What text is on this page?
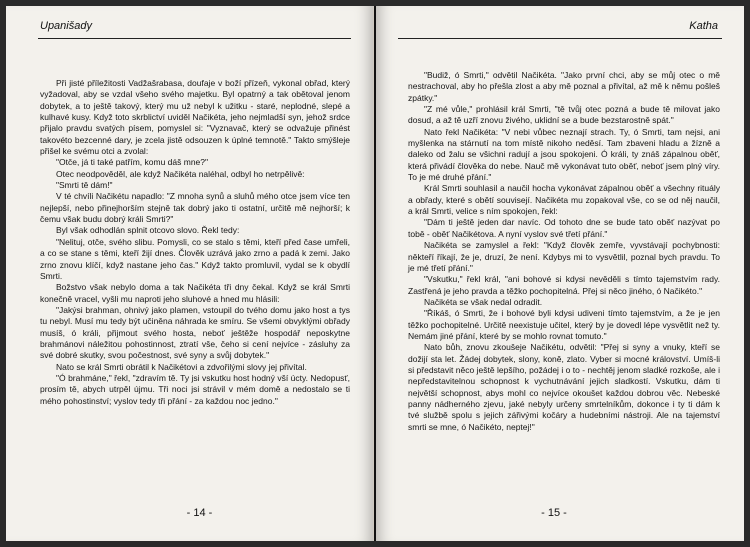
Upanišady

Při jisté příležitosti Vadžašrabasa, doufaje v boží přízeň, vykonal obřad, který vyžadoval, aby se vzdal všeho svého majetku. Byl opatrný a tak obětoval jenom dobytek, a to ještě takový, který mu už nebyl k užitku - staré, neplodné, slepé a kulhavé kusy. Když toto skrblictví uviděl Načikéta, jeho nejmladší syn, jehož srdce přijalo pravdu svatých písem, pomyslel si: "Vyznavač, který se odvažuje přinést takovéto bezcenné dary, je zcela jistě odsouzen k úplné temnotě." Takto smýšleje přišel ke svému otci a zvolal:

"Otče, já ti také patřím, komu dáš mne?"

Otec neodpověděl, ale když Načikéta naléhal, odbyl ho netrpělivě:

"Smrti tě dám!"

V té chvíli Načikétu napadlo: "Z mnoha synů a sluhů mého otce jsem více ten nejlepší, nebo přinejhorším stejně tak dobrý jako ti ostatní, určitě mě nejhorší; k čemu však budu dobrý králi Smrti?"

Byl však odhodlán splnit otcovo slovo. Řekl tedy:

"Nelituj, otče, svého slibu. Pomysli, co se stalo s těmi, kteří před čase umřeli, a co se stane s těmi, kteří žijí dnes. Člověk uzrává jako zrno a padá k zemi. Jako zrno znovu klíčí, když nastane jeho čas." Když takto promluvil, vydal se k obydlí Smrti.

Božstvo však nebylo doma a tak Načikéta tři dny čekal. Když se král Smrti konečně vracel, vyšli mu naproti jeho sluhové a hned mu hlásili:

"Jakýsi brahman, ohnivý jako plamen, vstoupil do tvého domu jako host a tys tu nebyl. Musí mu tedy být učiněna náhrada ke smíru. Se všemi obvyklými obřady musíš, ó králi, přijmout svého hosta, neboť ještěže hospodář neposkytne brahmánovi náležitou pohostinnost, ztratí vše, čeho si cení nejvíce - zásluhy za své dobré skutky, svou počestnost, své syny a svůj dobytek."

Nato se král Smrti obrátil k Načikétovi a zdvořilými slovy jej přivítal.

"Ó brahmáne," řekl, "zdravím tě. Ty jsi vskutku host hodný vší úcty. Nedopusť, prosím tě, abych utrpěl újmu. Tři noci jsi strávil v mém domě a nedostalo se ti mého pohostinství; vyslov tedy tři přání - za každou noc jedno."

- 14 -
Katha

"Budiž, ó Smrti," odvětil Načikéta. "Jako první chci, aby se můj otec o mě nestrachoval, aby ho přešla zlost a aby mě poznal a přivítal, až mě k němu pošleš zpátky."

"Z mé vůle," prohlásil král Smrti, "tě tvůj otec pozná a bude tě milovat jako dosud, a až tě uzří znovu živého, uklidní se a bude bezstarostně spát."

Nato řekl Načikéta: "V nebi vůbec neznají strach. Ty, ó Smrti, tam nejsi, ani myšlenka na stárnutí na tom místě nikoho neděsí. Tam zbaveni hladu a žízně a daleko od žalu se všichni radují a jsou spokojeni. Ó králi, ty znáš zápalnou oběť, která přivádí člověka do nebe. Nauč mě vykonávat tuto oběť, neboť jsem plný víry. To je mé druhé přání."

Král Smrti souhlasil a naučil hocha vykonávat zápalnou oběť a všechny rituály a obřady, které s obětí souvisejí. Načikéta mu zopakoval vše, co se od něj naučil, a král Smrti, velice s ním spokojen, řekl:

"Dám ti ještě jeden dar navíc. Od tohoto dne se bude tato oběť nazývat po tobě - oběť Načikétova. A nyní vyslov své třetí přání."

Načikéta se zamyslel a řekl: "Když člověk zemře, vyvstávají pochybnosti: někteří říkají, že je, druzí, že není. Kdybys mi to vysvětlil, poznal bych pravdu. To je mé třetí přání."

"Vskutku," řekl král, "ani bohové si kdysi nevěděli s tímto tajemstvím rady. Zastřená je jeho pravda a těžko pochopitelná. Přej si něco jiného, ó Načikéto."

Načikéta se však nedal odradit.

"Říkáš, ó Smrti, že i bohové byli kdysi udiveni tímto tajemstvím, a že je jen těžko pochopitelné. Určitě neexistuje učitel, který by je dovedl lépe vysvětlit než ty. Nemám jiné přání, které by se mohlo rovnat tomuto."

Nato bůh, znovu zkoušeje Načikétu, odvětil: "Přej si syny a vnuky, kteří se dožijí sta let. Žádej dobytek, slony, koně, zlato. Vyber si mocné království. Umíš-li si představit něco ještě lepšího, požádej i o to - nechtěj jenom sladké rozkoše, ale i nepředstavitelnou schopnost k vychutnávání jejich sladkostí. Vskutku, dám ti největší schopnost, abys mohl co nejvíce okoušet každou dobrou věc. Nebeské panny nádherného zjevu, jaké nebyly určeny smrtelníkům, dokonce i ty ti dám k tvé službě spolu s jejich zářivými kočáry a hudebními nástroji. Ale na tajemství smrti se mne, ó Načikéto, neptej!"

- 15 -
